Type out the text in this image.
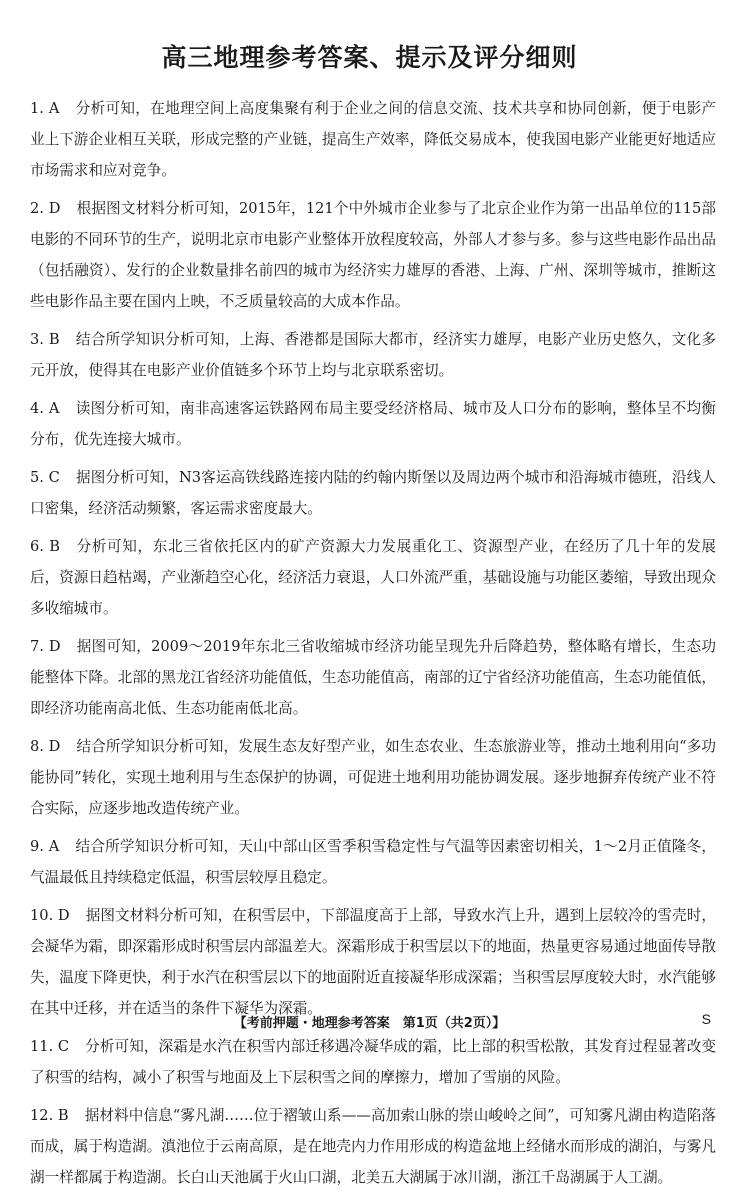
高三地理参考答案、提示及评分细则

1. A 分析可知，在地理空间上高度集聚有利于企业之间的信息交流、技术共享和协同创新，便于电影产业上下游企业相互关联，形成完整的产业链，提高生产效率，降低交易成本，使我国电影产业能更好地适应市场需求和应对竞争。

2. D 根据图文材料分析可知，2015年，121个中外城市企业参与了北京企业作为第一出品单位的115部电影的不同环节的生产，说明北京市电影产业整体开放程度较高，外部人才参与多。参与这些电影作品出品（包括融资）、发行的企业数量排名前四的城市为经济实力雄厚的香港、上海、广州、深圳等城市，推断这些电影作品主要在国内上映，不乏质量较高的大成本作品。

3. B 结合所学知识分析可知，上海、香港都是国际大都市，经济实力雄厚，电影产业历史悠久，文化多元开放，使得其在电影产业价值链多个环节上均与北京联系密切。

4. A 读图分析可知，南非高速客运铁路网布局主要受经济格局、城市及人口分布的影响，整体呈不均衡分布，优先连接大城市。

5. C 据图分析可知，N3客运高铁线路连接内陆的约翰内斯堡以及周边两个城市和沿海城市德班，沿线人口密集，经济活动频繁，客运需求密度最大。

6. B 分析可知，东北三省依托区内的矿产资源大力发展重化工、资源型产业，在经历了几十年的发展后，资源日趋枯竭，产业渐趋空心化，经济活力衰退，人口外流严重，基础设施与功能区萎缩，导致出现众多收缩城市。

7. D 据图可知，2009～2019年东北三省收缩城市经济功能呈现先升后降趋势，整体略有增长，生态功能整体下降。北部的黑龙江省经济功能值低，生态功能值高，南部的辽宁省经济功能值高，生态功能值低，即经济功能南高北低、生态功能南低北高。

8. D 结合所学知识分析可知，发展生态友好型产业，如生态农业、生态旅游业等，推动土地利用向“多功能协同”转化，实现土地利用与生态保护的协调，可促进土地利用功能协调发展。逐步地摒弃传统产业不符合实际，应逐步地改造传统产业。

9. A 结合所学知识分析可知，天山中部山区雪季积雪稳定性与气温等因素密切相关，1～2月正值隆冬，气温最低且持续稳定低温，积雪层较厚且稳定。

10. D 据图文材料分析可知，在积雪层中，下部温度高于上部，导致水汽上升，遇到上层较冷的雪壳时，会凝华为霜，即深霜形成时积雪层内部温差大。深霜形成于积雪层以下的地面，热量更容易通过地面传导散失，温度下降更快，利于水汽在积雪层以下的地面附近直接凝华形成深霜；当积雪层厚度较大时，水汽能够在其中迁移，并在适当的条件下凝华为深霜。

11. C 分析可知，深霜是水汽在积雪内部迁移遇冷凝华成的霜，比上部的积雪松散，其发育过程显著改变了积雪的结构，减小了积雪与地面及上下层积雪之间的摩擦力，增加了雪崩的风险。

12. B 据材料中信息“雾凡湖……位于褶皱山系——高加索山脉的崇山峻岭之间”，可知雾凡湖由构造陷落而成，属于构造湖。滇池位于云南高原，是在地壳内力作用形成的构造盆地上经储水而形成的湖泊，与雾凡湖一样都属于构造湖。长白山天池属于火山口湖，北美五大湖属于冰川湖，浙江千岛湖属于人工湖。

【考前押题・地理参考答案　第1页（共2页）】	S
